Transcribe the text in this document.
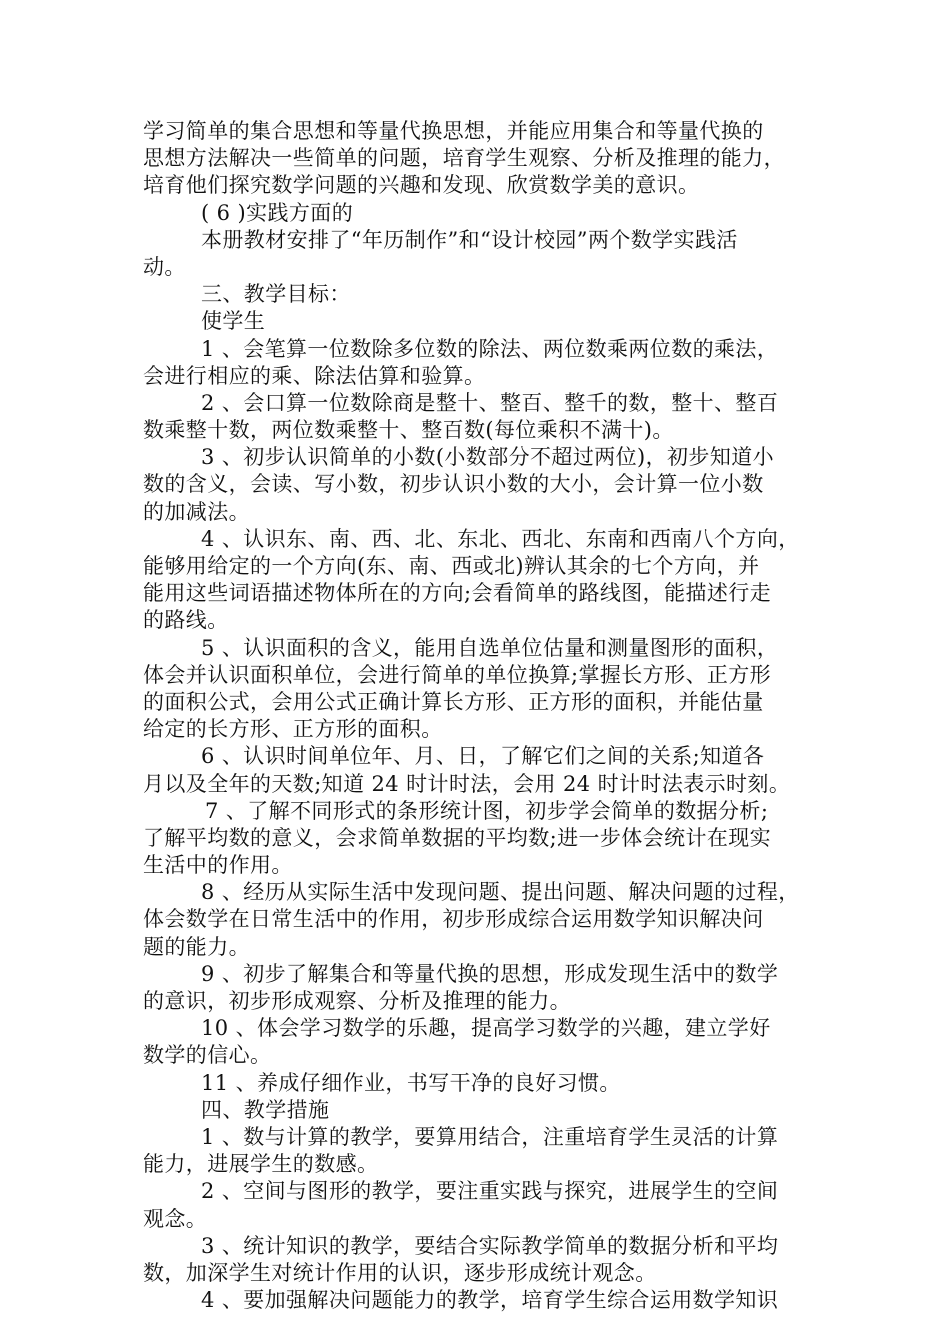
学习简单的集合思想和等量代换思想，并能应用集合和等量代换的
思想方法解决一些简单的问题，培育学生观察、分析及推理的能力，
培育他们探究数学问题的兴趣和发现、欣赏数学美的意识。
( 6 )实践方面的
本册教材安排了“年历制作”和“设计校园”两个数学实践活
动。
三、教学目标：
使学生
1 、会笔算一位数除多位数的除法、两位数乘两位数的乘法，
会进行相应的乘、除法估算和验算。
2 、会口算一位数除商是整十、整百、整千的数，整十、整百
数乘整十数，两位数乘整十、整百数(每位乘积不满十)。
3 、初步认识简单的小数(小数部分不超过两位)，初步知道小
数的含义，会读、写小数，初步认识小数的大小，会计算一位小数
的加减法。
4 、认识东、南、西、北、东北、西北、东南和西南八个方向，
能够用给定的一个方向(东、南、西或北)辨认其余的七个方向，并
能用这些词语描述物体所在的方向;会看简单的路线图，能描述行走
的路线。
5 、认识面积的含义，能用自选单位估量和测量图形的面积，
体会并认识面积单位，会进行简单的单位换算;掌握长方形、正方形
的面积公式，会用公式正确计算长方形、正方形的面积，并能估量
给定的长方形、正方形的面积。
6 、认识时间单位年、月、日，了解它们之间的关系;知道各
月以及全年的天数;知道 24 时计时法，会用 24 时计时法表示时刻。
7 、了解不同形式的条形统计图，初步学会简单的数据分析;
了解平均数的意义，会求简单数据的平均数;进一步体会统计在现实
生活中的作用。
8 、经历从实际生活中发现问题、提出问题、解决问题的过程，
体会数学在日常生活中的作用，初步形成综合运用数学知识解决问
题的能力。
9 、初步了解集合和等量代换的思想，形成发现生活中的数学
的意识，初步形成观察、分析及推理的能力。
10 、体会学习数学的乐趣，提高学习数学的兴趣，建立学好
数学的信心。
11 、养成仔细作业，书写干净的良好习惯。
四、教学措施
1 、数与计算的教学，要算用结合，注重培育学生灵活的计算
能力，进展学生的数感。
2 、空间与图形的教学，要注重实践与探究，进展学生的空间
观念。
3 、统计知识的教学，要结合实际教学简单的数据分析和平均
数，加深学生对统计作用的认识，逐步形成统计观念。
4 、要加强解决问题能力的教学，培育学生综合运用数学知识
